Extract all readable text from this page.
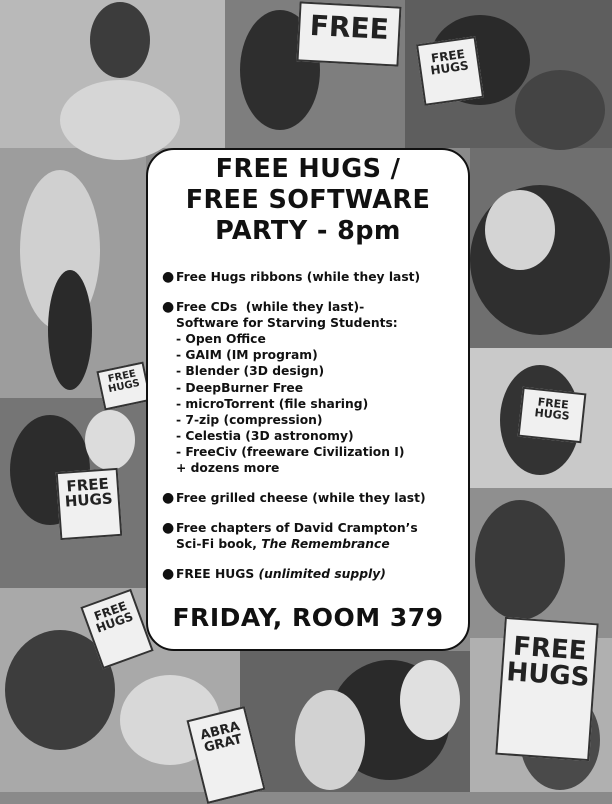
FREE
FREE HUGS
FREE HUGS
FREE HUGS
FREE HUGS
FREE HUGS
FREE HUGS
ABRA GRAT
FREE HUGS /
FREE SOFTWARE
PARTY - 8pm
● Free Hugs ribbons (while they last)
● Free CDs  (while they last)-
Software for Starving Students:
- Open Office
- GAIM (IM program)
- Blender (3D design)
- DeepBurner Free
- microTorrent (file sharing)
- 7-zip (compression)
- Celestia (3D astronomy)
- FreeCiv (freeware Civilization I)
+ dozens more
● Free grilled cheese (while they last)
● Free chapters of David Crampton’s
Sci-Fi book, The Remembrance
● FREE HUGS (unlimited supply)
FRIDAY, ROOM 379
